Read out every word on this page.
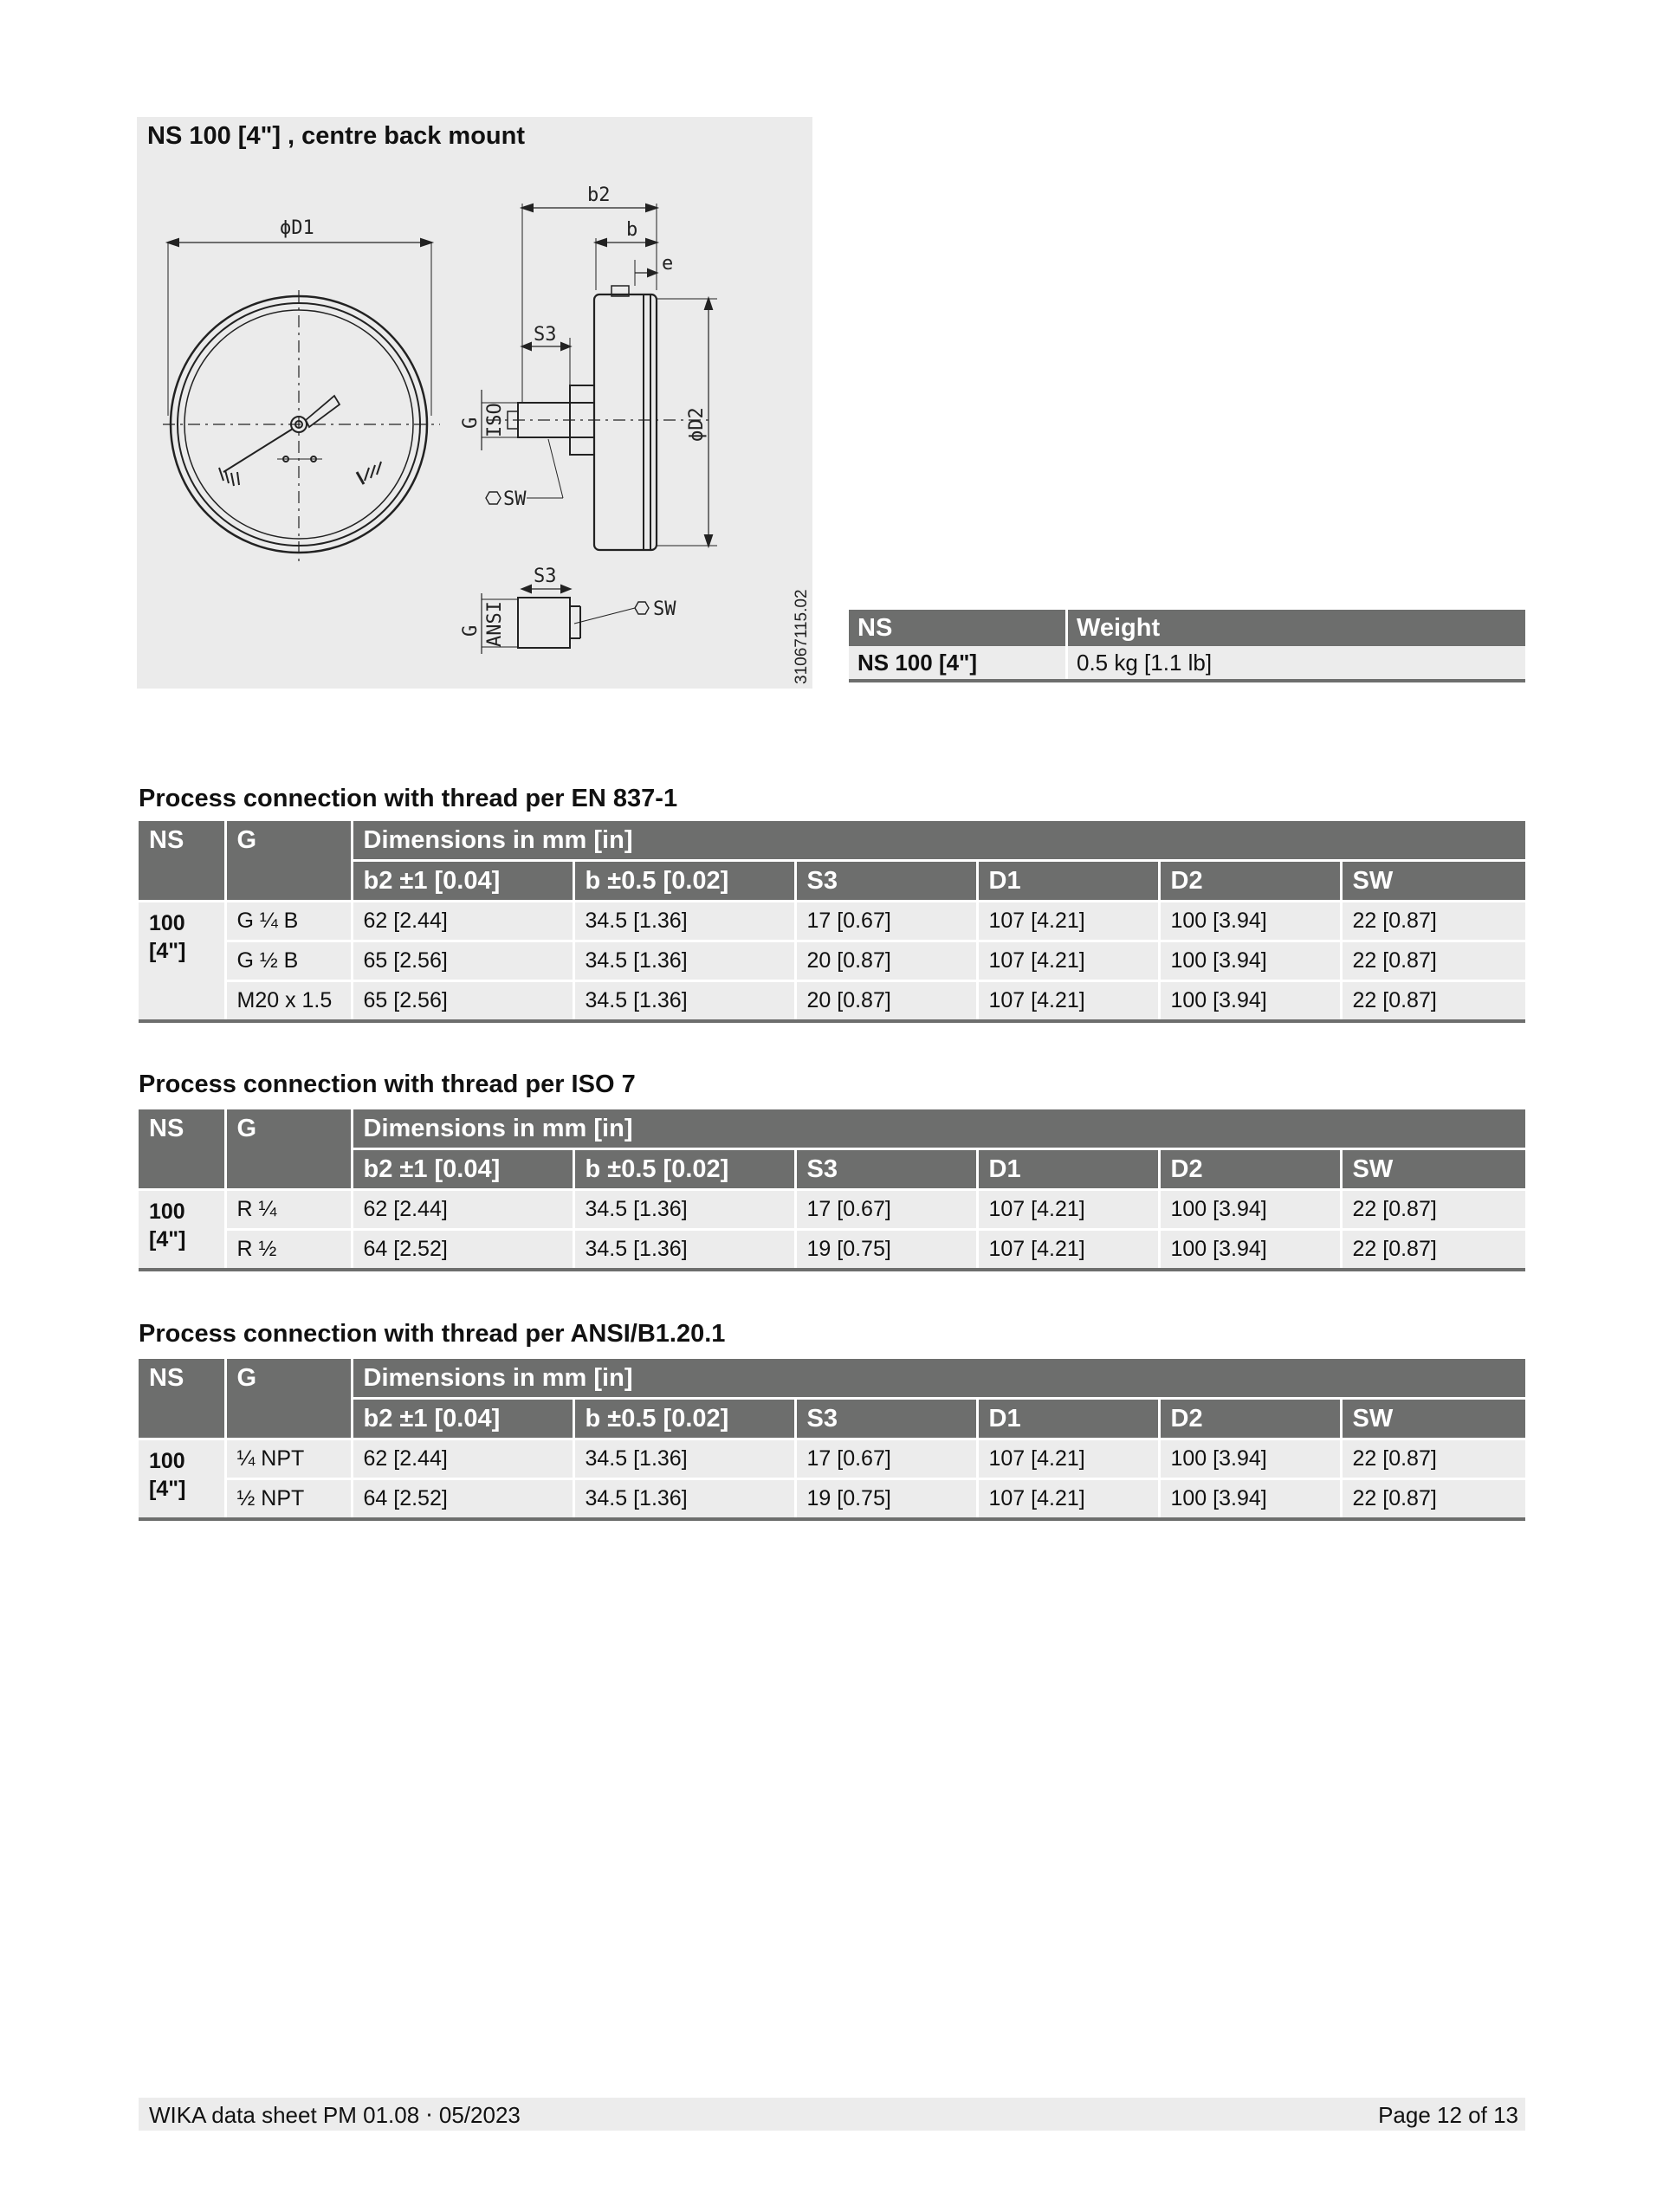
ϕD1
b2
b
e
S3
SW
S3
SW
G ISO	ϕD2
G ANSI
NS 100 [4"] , centre back mount
31067115.02 NS	Weight
NS 100 [4"]	0.5 kg [1.1 lb]
Process connection with thread per EN 837-1
NS	G	Dimensions in mm [in]					
		b2 ±1 [0.04]	b ±0.5 [0.02]	S3	D1	D2	SW
100 [4"]	G ¼ B	62 [2.44]	34.5 [1.36]	17 [0.67]	107 [4.21]	100 [3.94]	22 [0.87]
	G ½ B	65 [2.56]	34.5 [1.36]	20 [0.87]	107 [4.21]	100 [3.94]	22 [0.87]
	M20 x 1.5	65 [2.56]	34.5 [1.36]	20 [0.87]	107 [4.21]	100 [3.94]	22 [0.87]
Process connection with thread per ISO 7
NS	G	Dimensions in mm [in]					
		b2 ±1 [0.04]	b ±0.5 [0.02]	S3	D1	D2	SW
100 [4"]	R ¼	62 [2.44]	34.5 [1.36]	17 [0.67]	107 [4.21]	100 [3.94]	22 [0.87]
	R ½	64 [2.52]	34.5 [1.36]	19 [0.75]	107 [4.21]	100 [3.94]	22 [0.87]
Process connection with thread per ANSI/B1.20.1
NS	G	Dimensions in mm [in]					
		b2 ±1 [0.04]	b ±0.5 [0.02]	S3	D1	D2	SW
100 [4"]	¼ NPT	62 [2.44]	34.5 [1.36]	17 [0.67]	107 [4.21]	100 [3.94]	22 [0.87]
	½ NPT	64 [2.52]	34.5 [1.36]	19 [0.75]	107 [4.21]	100 [3.94]	22 [0.87]
WIKA data sheet PM 01.08 ⋅ 05/2023	Page 12 of 13
